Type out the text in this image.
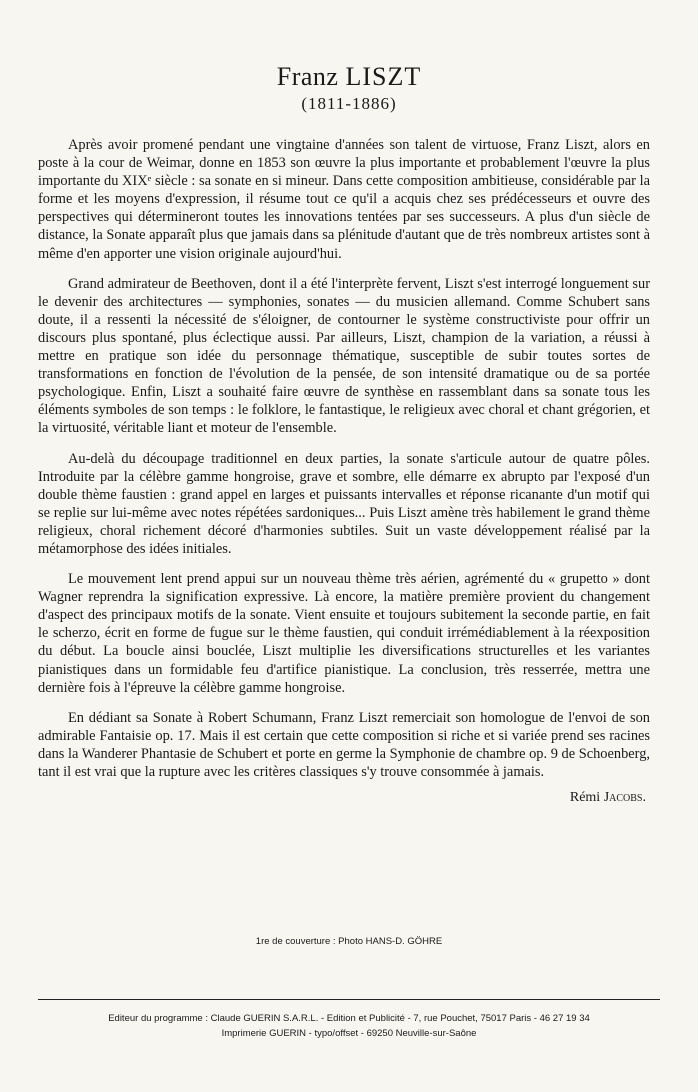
Franz LISZT
(1811-1886)

Après avoir promené pendant une vingtaine d'années son talent de virtuose, Franz Liszt, alors en poste à la cour de Weimar, donne en 1853 son œuvre la plus importante et probablement l'œuvre la plus importante du XIXᵉ siècle : sa sonate en si mineur. Dans cette composition ambitieuse, considérable par la forme et les moyens d'expression, il résume tout ce qu'il a acquis chez ses prédécesseurs et ouvre des perspectives qui détermineront toutes les innovations tentées par ses successeurs. A plus d'un siècle de distance, la Sonate apparaît plus que jamais dans sa plénitude d'autant que de très nombreux artistes sont à même d'en apporter une vision originale aujourd'hui.

Grand admirateur de Beethoven, dont il a été l'interprète fervent, Liszt s'est interrogé longuement sur le devenir des architectures — symphonies, sonates — du musicien allemand. Comme Schubert sans doute, il a ressenti la nécessité de s'éloigner, de contourner le système constructiviste pour offrir un discours plus spontané, plus éclectique aussi. Par ailleurs, Liszt, champion de la variation, a réussi à mettre en pratique son idée du personnage thématique, susceptible de subir toutes sortes de transformations en fonction de l'évolution de la pensée, de son intensité dramatique ou de sa portée psychologique. Enfin, Liszt a souhaité faire œuvre de synthèse en rassemblant dans sa sonate tous les éléments symboles de son temps : le folklore, le fantastique, le religieux avec choral et chant grégorien, et la virtuosité, véritable liant et moteur de l'ensemble.

Au-delà du découpage traditionnel en deux parties, la sonate s'articule autour de quatre pôles. Introduite par la célèbre gamme hongroise, grave et sombre, elle démarre ex abrupto par l'exposé d'un double thème faustien : grand appel en larges et puissants intervalles et réponse ricanante d'un motif qui se replie sur lui-même avec notes répétées sardoniques... Puis Liszt amène très habilement le grand thème religieux, choral richement décoré d'harmonies subtiles. Suit un vaste développement réalisé par la métamorphose des idées initiales.

Le mouvement lent prend appui sur un nouveau thème très aérien, agrémenté du « grupetto » dont Wagner reprendra la signification expressive. Là encore, la matière première provient du changement d'aspect des principaux motifs de la sonate. Vient ensuite et toujours subitement la seconde partie, en fait le scherzo, écrit en forme de fugue sur le thème faustien, qui conduit irrémédiablement à la réexposition du début. La boucle ainsi bouclée, Liszt multiplie les diversifications structurelles et les variantes pianistiques dans un formidable feu d'artifice pianistique. La conclusion, très resserrée, mettra une dernière fois à l'épreuve la célèbre gamme hongroise.

En dédiant sa Sonate à Robert Schumann, Franz Liszt remerciait son homologue de l'envoi de son admirable Fantaisie op. 17. Mais il est certain que cette composition si riche et si variée prend ses racines dans la Wanderer Phantasie de Schubert et porte en germe la Symphonie de chambre op. 9 de Schoenberg, tant il est vrai que la rupture avec les critères classiques s'y trouve consommée à jamais.

Rémi Jacobs.
1re de couverture : Photo HANS-D. GÖHRE
Editeur du programme : Claude GUERIN S.A.R.L. - Edition et Publicité - 7, rue Pouchet, 75017 Paris - 46 27 19 34
Imprimerie GUERIN - typo/offset - 69250 Neuville-sur-Saône
